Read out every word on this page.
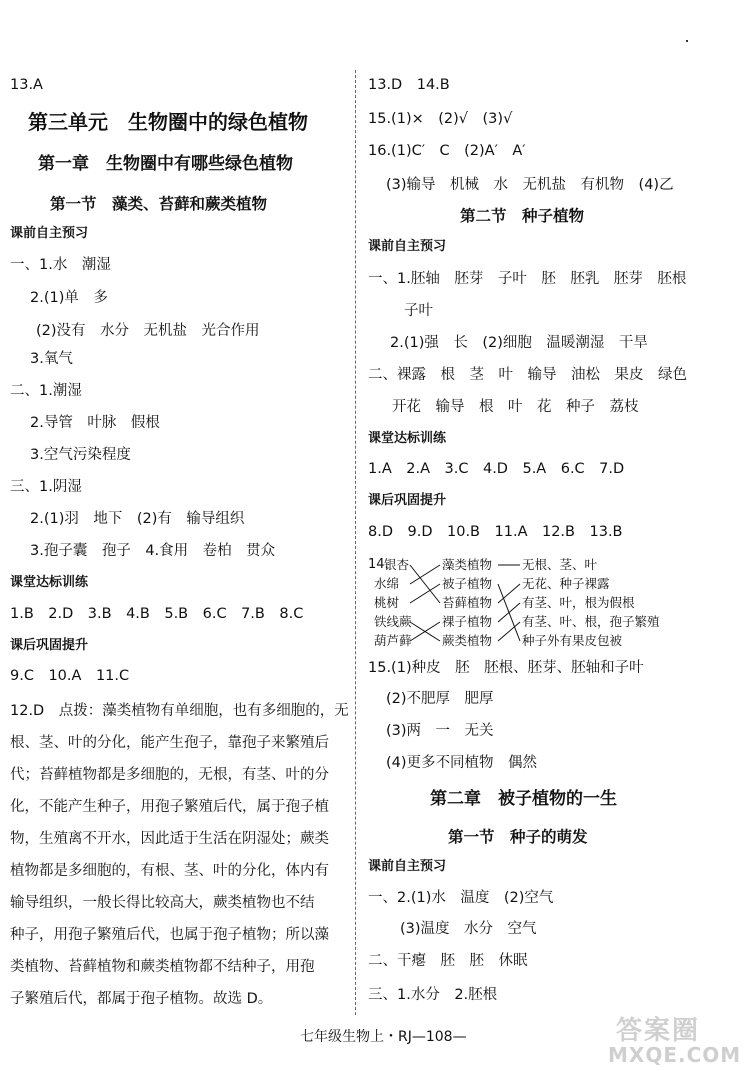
13.A
第三单元　生物圈中的绿色植物
第一章　生物圈中有哪些绿色植物
第一节　藻类、苔藓和蕨类植物
课前自主预习
一、1.水　潮湿
2.(1)单　多
(2)没有　水分　无机盐　光合作用
3.氧气
二、1.潮湿
2.导管　叶脉　假根
3.空气污染程度
三、1.阴湿
2.(1)羽　地下　(2)有　输导组织
3.孢子囊　孢子　4.食用　卷柏　贯众
课堂达标训练
1.B　2.D　3.B　4.B　5.B　6.C　7.B　8.C
课后巩固提升
9.C　10.A　11.C
12.D　点拨：藻类植物有单细胞，也有多细胞的，无
根、茎、叶的分化，能产生孢子，靠孢子来繁殖后
代；苔藓植物都是多细胞的，无根，有茎、叶的分
化，不能产生种子，用孢子繁殖后代，属于孢子植
物，生殖离不开水，因此适于生活在阴湿处；蕨类
植物都是多细胞的，有根、茎、叶的分化，体内有
输导组织，一般长得比较高大，蕨类植物也不结
种子，用孢子繁殖后代，也属于孢子植物；所以藻
类植物、苔藓植物和蕨类植物都不结种子，用孢
子繁殖后代，都属于孢子植物。故选 D。
13.D　14.B
15.(1)×　(2)√　(3)√
16.(1)C′　C　(2)A′　A′
(3)输导　机械　水　无机盐　有机物　(4)乙
第二节　种子植物
课前自主预习
一、1.胚轴　胚芽　子叶　胚　胚乳　胚芽　胚根
子叶
2.(1)强　长　(2)细胞　温暖潮湿　干旱
二、裸露　根　茎　叶　输导　油松　果皮　绿色
开花　输导　根　叶　花　种子　荔枝
课堂达标训练
1.A　2.A　3.C　4.D　5.A　6.C　7.D
课后巩固提升
8.D　9.D　10.B　11.A　12.B　13.B
14.
银杏
水绵
桃树
铁线蕨
葫芦藓
藻类植物
被子植物
苔藓植物
裸子植物
蕨类植物
无根、茎、叶
无花、种子裸露
有茎、叶，根为假根
有茎、叶、根，孢子繁殖
种子外有果皮包被
15.(1)种皮　胚　胚根、胚芽、胚轴和子叶
(2)不肥厚　肥厚
(3)两　一　无关
(4)更多不同植物　偶然
第二章　被子植物的一生
第一节　种子的萌发
课前自主预习
一、2.(1)水　温度　(2)空气
(3)温度　水分　空气
二、干瘪　胚　胚　休眠
三、1.水分　2.胚根
七年级生物上・RJ—108—	答案圈
MXQE.COM
